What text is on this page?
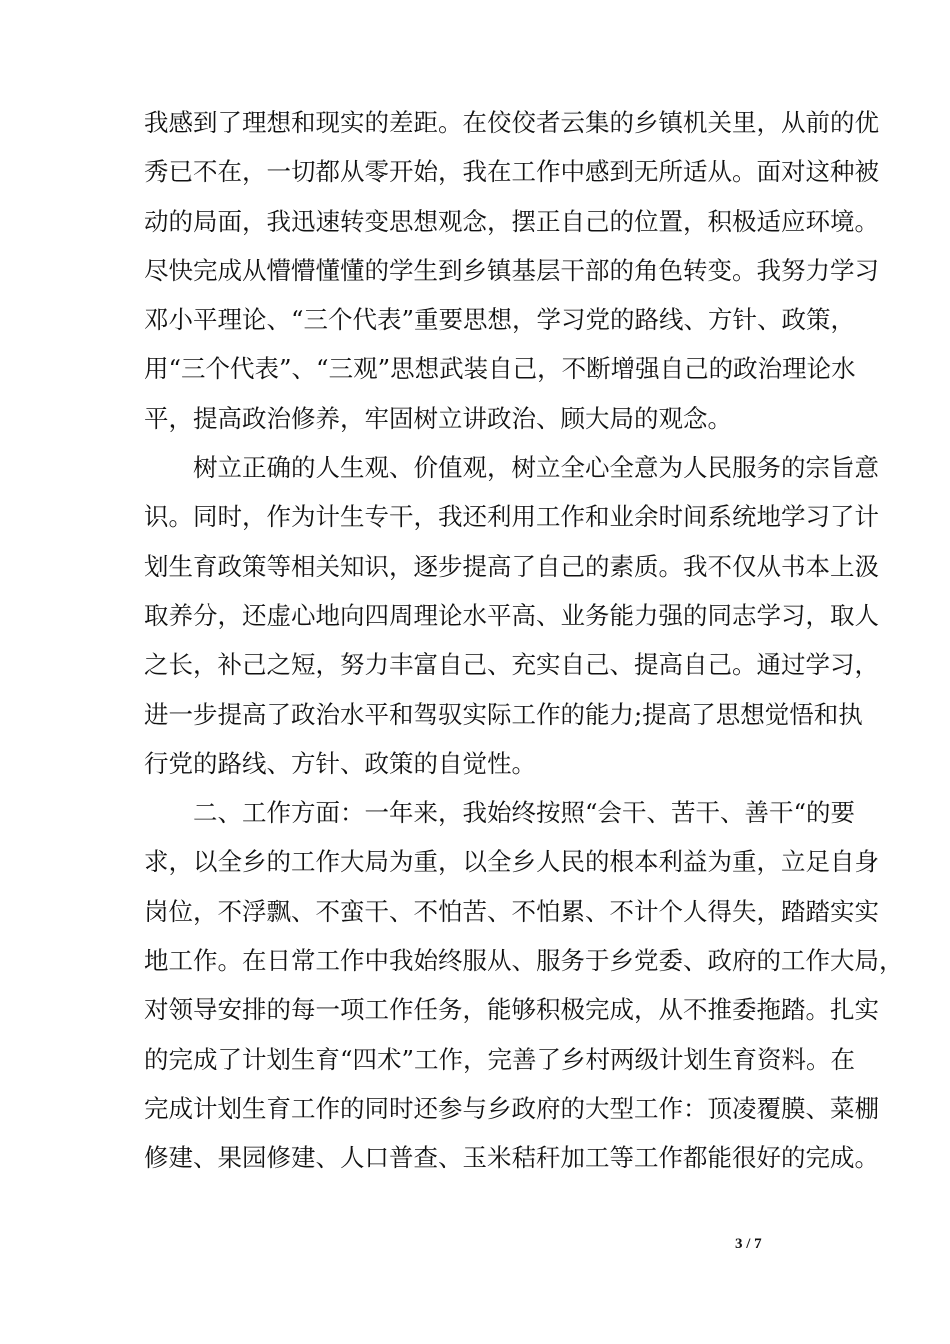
我感到了理想和现实的差距。在佼佼者云集的乡镇机关里，从前的优
秀已不在，一切都从零开始，我在工作中感到无所适从。面对这种被
动的局面，我迅速转变思想观念，摆正自己的位置，积极适应环境。
尽快完成从懵懵懂懂的学生到乡镇基层干部的角色转变。我努力学习
邓小平理论、“三个代表”重要思想，学习党的路线、方针、政策，
用“三个代表”、“三观”思想武装自己，不断增强自己的政治理论水
平，提高政治修养，牢固树立讲政治、顾大局的观念。
树立正确的人生观、价值观，树立全心全意为人民服务的宗旨意
识。同时，作为计生专干，我还利用工作和业余时间系统地学习了计
划生育政策等相关知识，逐步提高了自己的素质。我不仅从书本上汲
取养分，还虚心地向四周理论水平高、业务能力强的同志学习，取人
之长，补己之短，努力丰富自己、充实自己、提高自己。通过学习，
进一步提高了政治水平和驾驭实际工作的能力;提高了思想觉悟和执
行党的路线、方针、政策的自觉性。
二、工作方面：一年来，我始终按照“会干、苦干、善干“的要
求，以全乡的工作大局为重，以全乡人民的根本利益为重，立足自身
岗位，不浮飘、不蛮干、不怕苦、不怕累、不计个人得失，踏踏实实
地工作。在日常工作中我始终服从、服务于乡党委、政府的工作大局，
对领导安排的每一项工作任务，能够积极完成，从不推委拖踏。扎实
的完成了计划生育“四术”工作，完善了乡村两级计划生育资料。在
完成计划生育工作的同时还参与乡政府的大型工作：顶凌覆膜、菜棚
修建、果园修建、人口普查、玉米秸秆加工等工作都能很好的完成。
3 / 7
